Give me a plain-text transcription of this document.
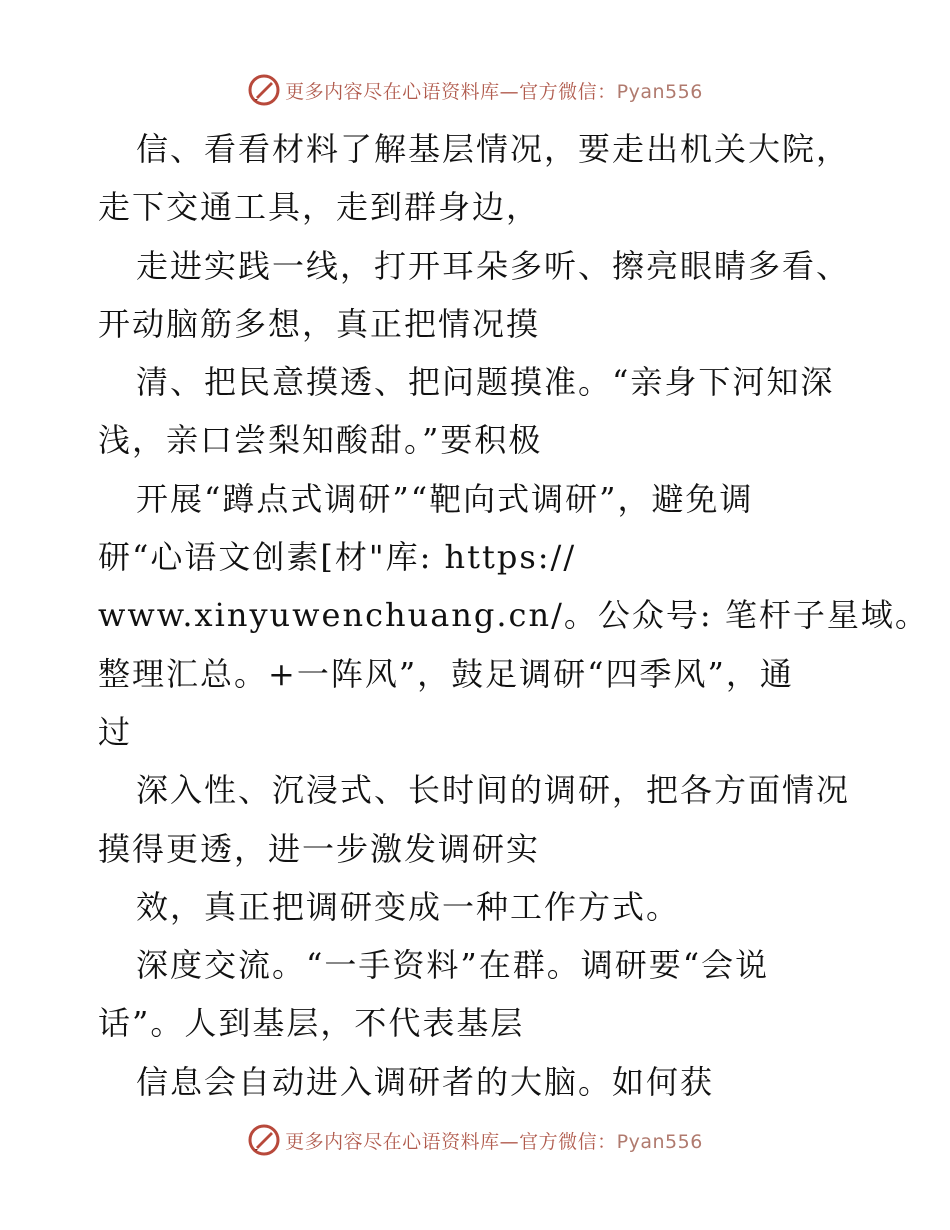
更多内容尽在心语资料库—官方微信：Pyan556
信、看看材料了解基层情况，要走出机关大院，
走下交通工具，走到群身边，
走进实践一线，打开耳朵多听、擦亮眼睛多看、
开动脑筋多想，真正把情况摸
清、把民意摸透、把问题摸准。“亲身下河知深
浅，亲口尝梨知酸甜。”要积极
开展“蹲点式调研”“靶向式调研”，避免调
研“心语文创素[材"库: https://
www.xinyuwenchuang.cn/。公众号: 笔杆子星域。
整理汇总。+一阵风”，鼓足调研“四季风”，通
过
深入性、沉浸式、长时间的调研，把各方面情况
摸得更透，进一步激发调研实
效，真正把调研变成一种工作方式。
深度交流。“一手资料”在群。调研要“会说
话”。人到基层，不代表基层
信息会自动进入调研者的大脑。如何获
更多内容尽在心语资料库—官方微信：Pyan556
